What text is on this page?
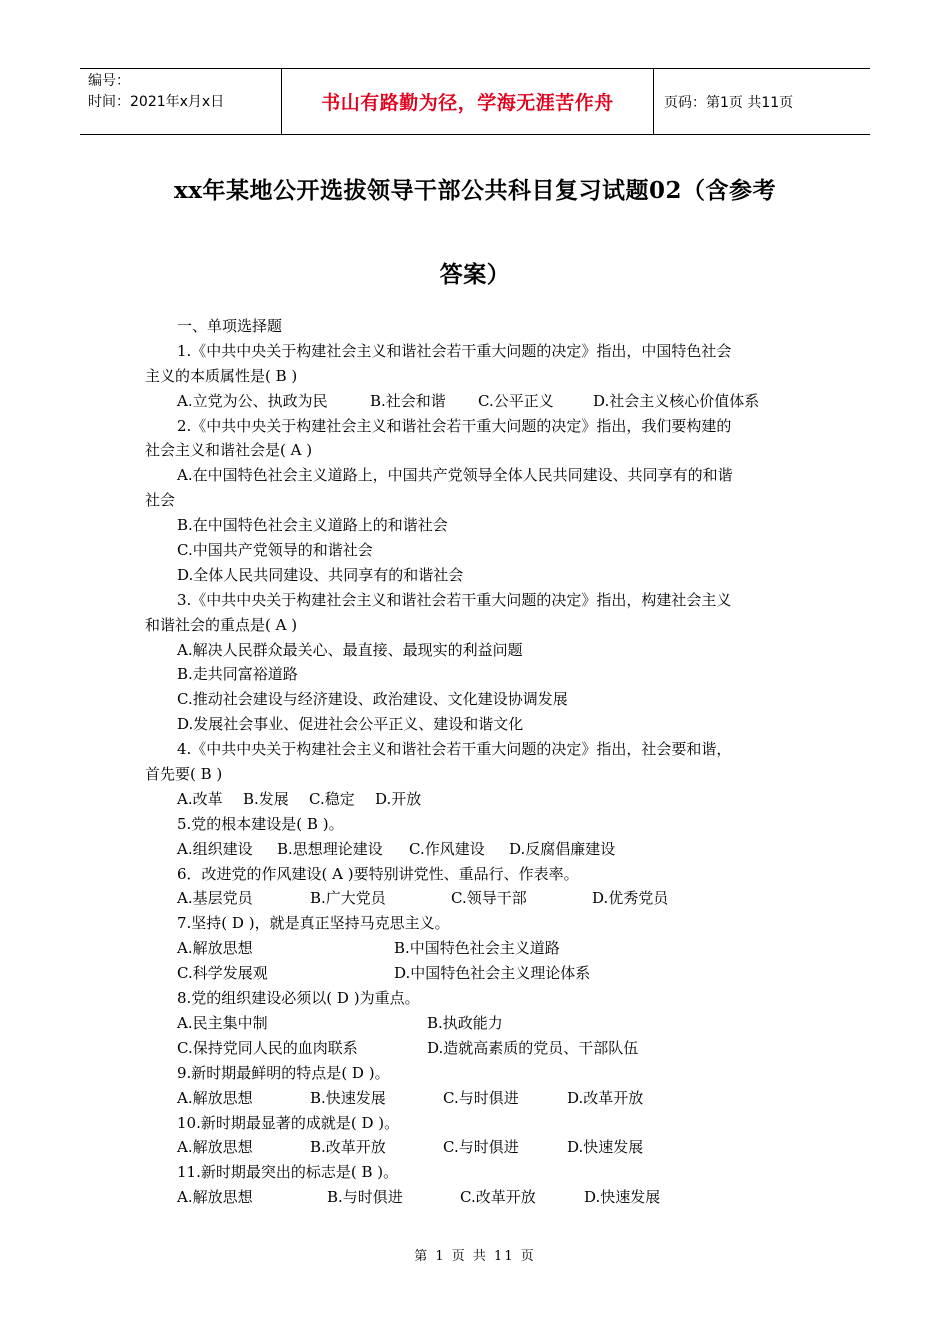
编号：
时间：2021年x月x日	书山有路勤为径，学海无涯苦作舟	页码：第1页 共11页
xx年某地公开选拔领导干部公共科目复习试题02（含参考
答案）
一、单项选择题
1.《中共中央关于构建社会主义和谐社会若干重大问题的决定》指出，中国特色社会
主义的本质属性是( B )
A.立党为公、执政为民	B.社会和谐 C.公平正义	D.社会主义核心价值体系
2.《中共中央关于构建社会主义和谐社会若干重大问题的决定》指出，我们要构建的
社会主义和谐社会是( A )
A.在中国特色社会主义道路上，中国共产党领导全体人民共同建设、共同享有的和谐
社会
B.在中国特色社会主义道路上的和谐社会
C.中国共产党领导的和谐社会
D.全体人民共同建设、共同享有的和谐社会
3.《中共中央关于构建社会主义和谐社会若干重大问题的决定》指出，构建社会主义
和谐社会的重点是( A )
A.解决人民群众最关心、最直接、最现实的利益问题
B.走共同富裕道路
C.推动社会建设与经济建设、政治建设、文化建设协调发展
D.发展社会事业、促进社会公平正义、建设和谐文化
4.《中共中央关于构建社会主义和谐社会若干重大问题的决定》指出，社会要和谐，
首先要( B )
A.改革 B.发展 C.稳定 D.开放
5.党的根本建设是( B )。
A.组织建设 B.思想理论建设 C.作风建设 D.反腐倡廉建设
6．改进党的作风建设( A )要特别讲党性、重品行、作表率。
A.基层党员	B.广大党员	C.领导干部	D.优秀党员
7.坚持( D )，就是真正坚持马克思主义。
A.解放思想	B.中国特色社会主义道路
C.科学发展观	D.中国特色社会主义理论体系
8.党的组织建设必须以( D )为重点。
A.民主集中制	B.执政能力
C.保持党同人民的血肉联系	D.造就高素质的党员、干部队伍
9.新时期最鲜明的特点是( D )。
A.解放思想	B.快速发展	C.与时俱进	D.改革开放
10.新时期最显著的成就是( D )。
A.解放思想	B.改革开放	C.与时俱进	D.快速发展
11.新时期最突出的标志是( B )。
A.解放思想	B.与时俱进	C.改革开放	D.快速发展
第 1 页 共 11 页
